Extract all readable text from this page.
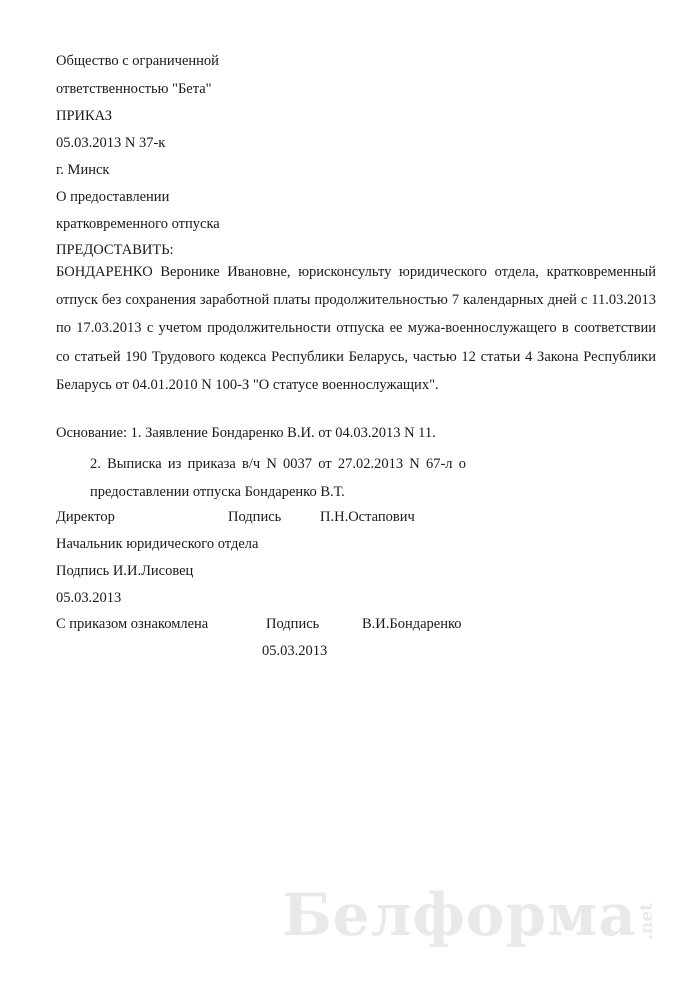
Общество с ограниченной
ответственностью "Бета"
ПРИКАЗ
05.03.2013 N 37-к
г. Минск
О предоставлении
кратковременного отпуска
ПРЕДОСТАВИТЬ:
БОНДАРЕНКО Веронике Ивановне, юрисконсульту юридического отдела, кратковременный отпуск без сохранения заработной платы продолжительностью 7 календарных дней с 11.03.2013 по 17.03.2013 с учетом продолжительности отпуска ее мужа-военнослужащего в соответствии со статьей 190 Трудового кодекса Республики Беларусь, частью 12 статьи 4 Закона Республики Беларусь от 04.01.2010 N 100-З "О статусе военнослужащих".
Основание: 1. Заявление Бондаренко В.И. от 04.03.2013 N 11.
2. Выписка из приказа в/ч N 0037 от 27.02.2013 N 67-л о
предоставлении отпуска Бондаренко В.Т.
Директор	Подпись	П.Н.Остапович
Начальник юридического отдела
Подпись И.И.Лисовец
05.03.2013
С приказом ознакомлена	Подпись	В.И.Бондаренко
05.03.2013
Белформа .net
